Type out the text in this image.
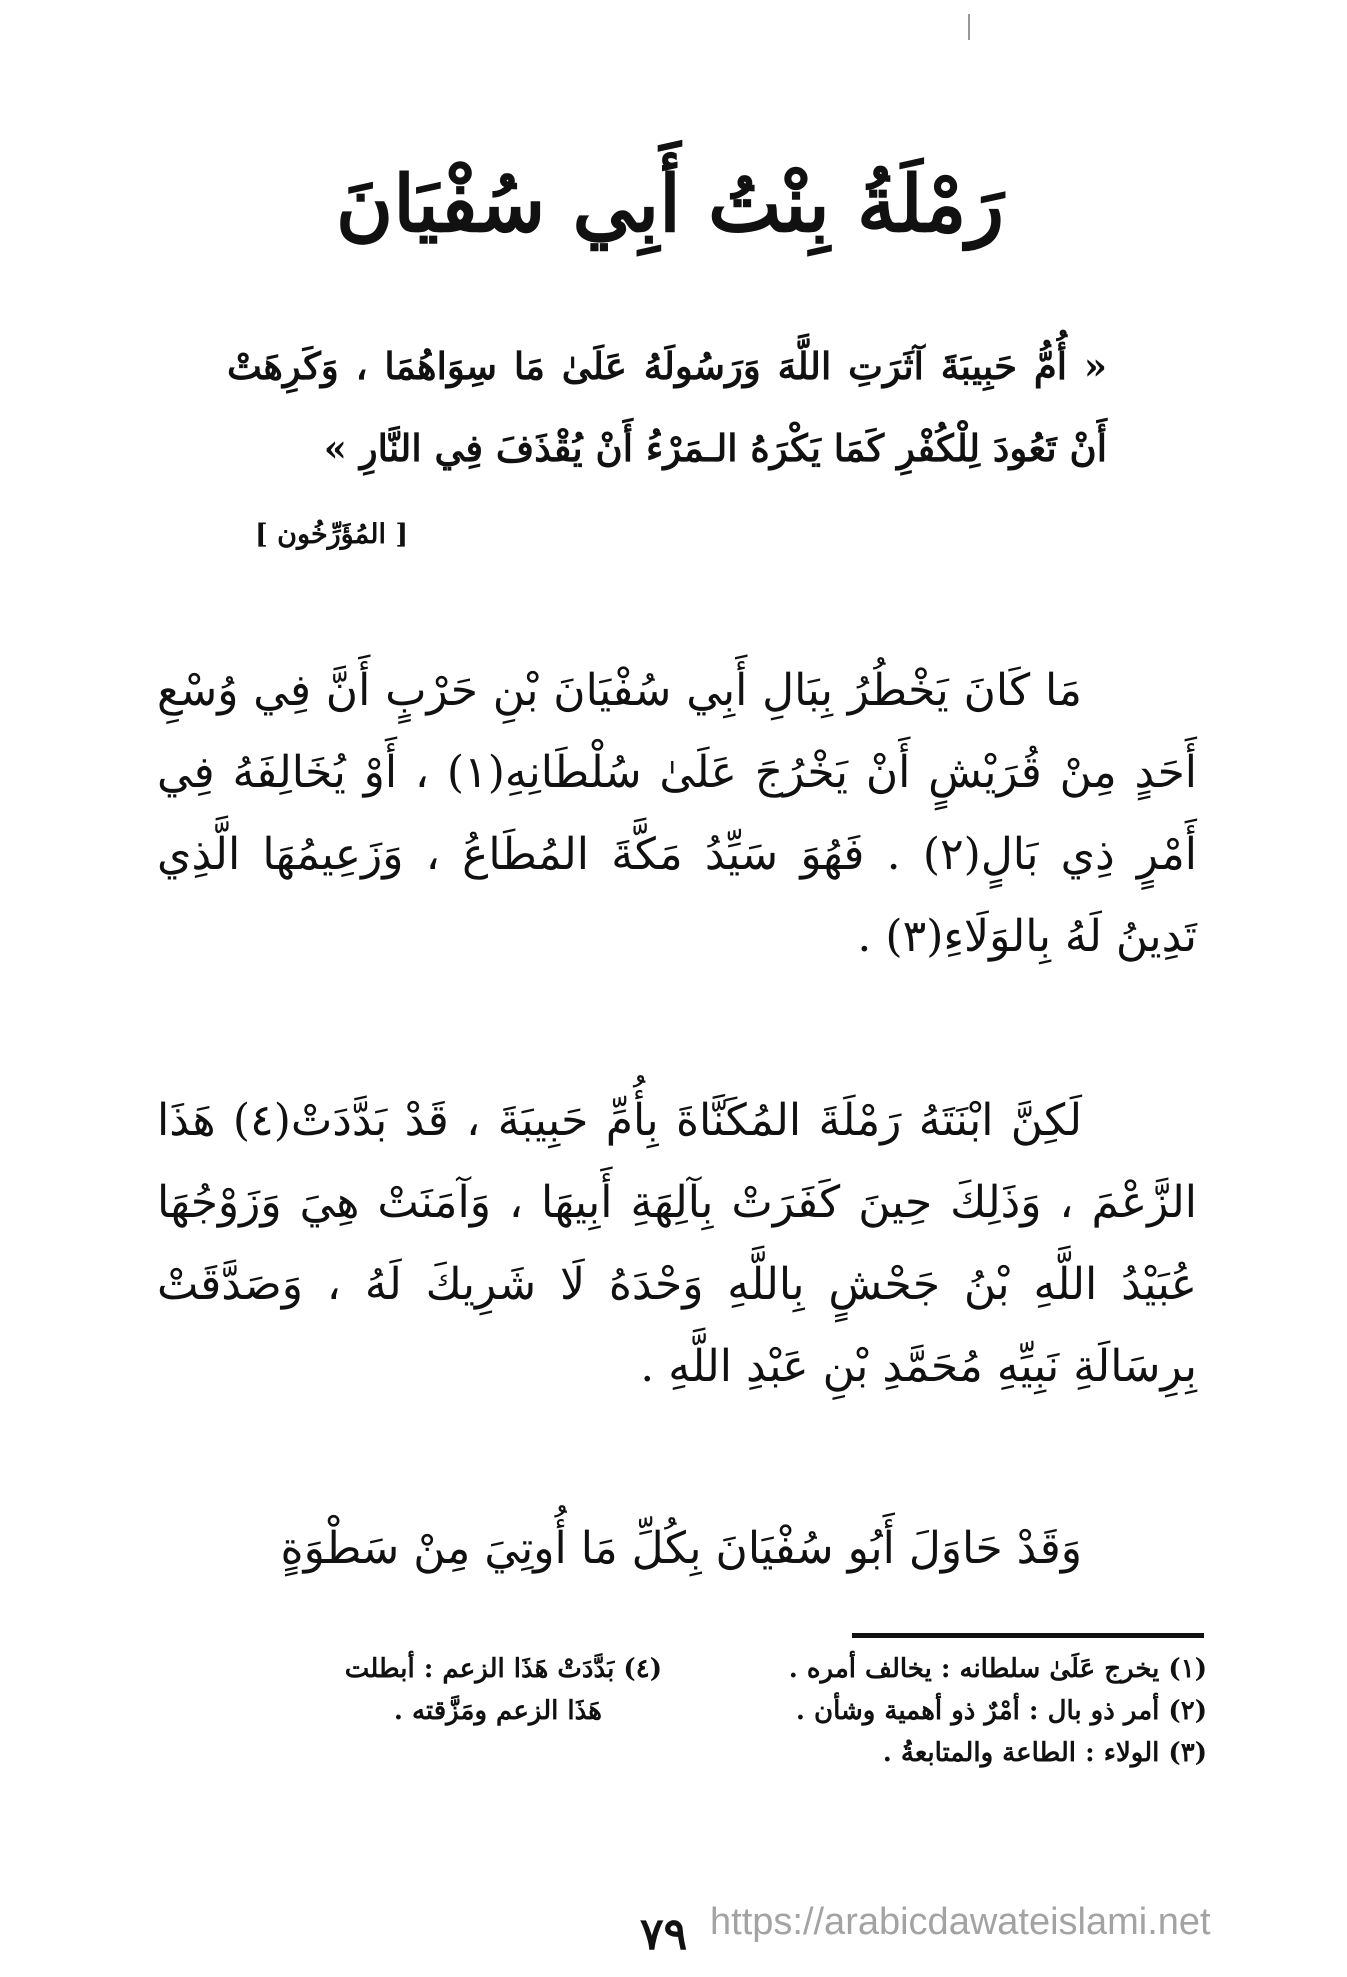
رَمْلَةُ بِنْتُ أَبِي سُفْيَانَ

« أُمُّ حَبِيبَةَ آثَرَتِ اللَّهَ وَرَسُولَهُ عَلَىٰ مَا سِوَاهُمَا ، وَكَرِهَتْ أَنْ تَعُودَ لِلْكُفْرِ كَمَا يَكْرَهُ الـمَرْءُ أَنْ يُقْذَفَ فِي النَّارِ »

[ المُؤَرِّخُون ]

مَا كَانَ يَخْطُرُ بِبَالِ أَبِي سُفْيَانَ بْنِ حَرْبٍ أَنَّ فِي وُسْعِ أَحَدٍ مِنْ قُرَيْشٍ أَنْ يَخْرُجَ عَلَىٰ سُلْطَانِهِ(١) ، أَوْ يُخَالِفَهُ فِي أَمْرٍ ذِي بَالٍ(٢) . فَهُوَ سَيِّدُ مَكَّةَ المُطَاعُ ، وَزَعِيمُهَا الَّذِي تَدِينُ لَهُ بِالوَلَاءِ(٣) .

لَكِنَّ ابْنَتَهُ رَمْلَةَ المُكَنَّاةَ بِأُمِّ حَبِيبَةَ ، قَدْ بَدَّدَتْ(٤) هَذَا الزَّعْمَ ، وَذَلِكَ حِينَ كَفَرَتْ بِآلِهَةِ أَبِيهَا ، وَآمَنَتْ هِيَ وَزَوْجُهَا عُبَيْدُ اللَّهِ بْنُ جَحْشٍ بِاللَّهِ وَحْدَهُ لَا شَرِيكَ لَهُ ، وَصَدَّقَتْ بِرِسَالَةِ نَبِيِّهِ مُحَمَّدِ بْنِ عَبْدِ اللَّهِ .

وَقَدْ حَاوَلَ أَبُو سُفْيَانَ بِكُلِّ مَا أُوتِيَ مِنْ سَطْوَةٍ

(١) يخرج عَلَىٰ سلطانه : يخالف أمره .
(٢) أمر ذو بال : أمْرٌ ذو أهمية وشأن .
(٣) الولاء : الطاعة والمتابعةُ .
(٤) بَدَّدَتْ هَذَا الزعم : أبطلت
هَذَا الزعم ومَزَّقته .
٧٩ https://arabicdawateislami.net
